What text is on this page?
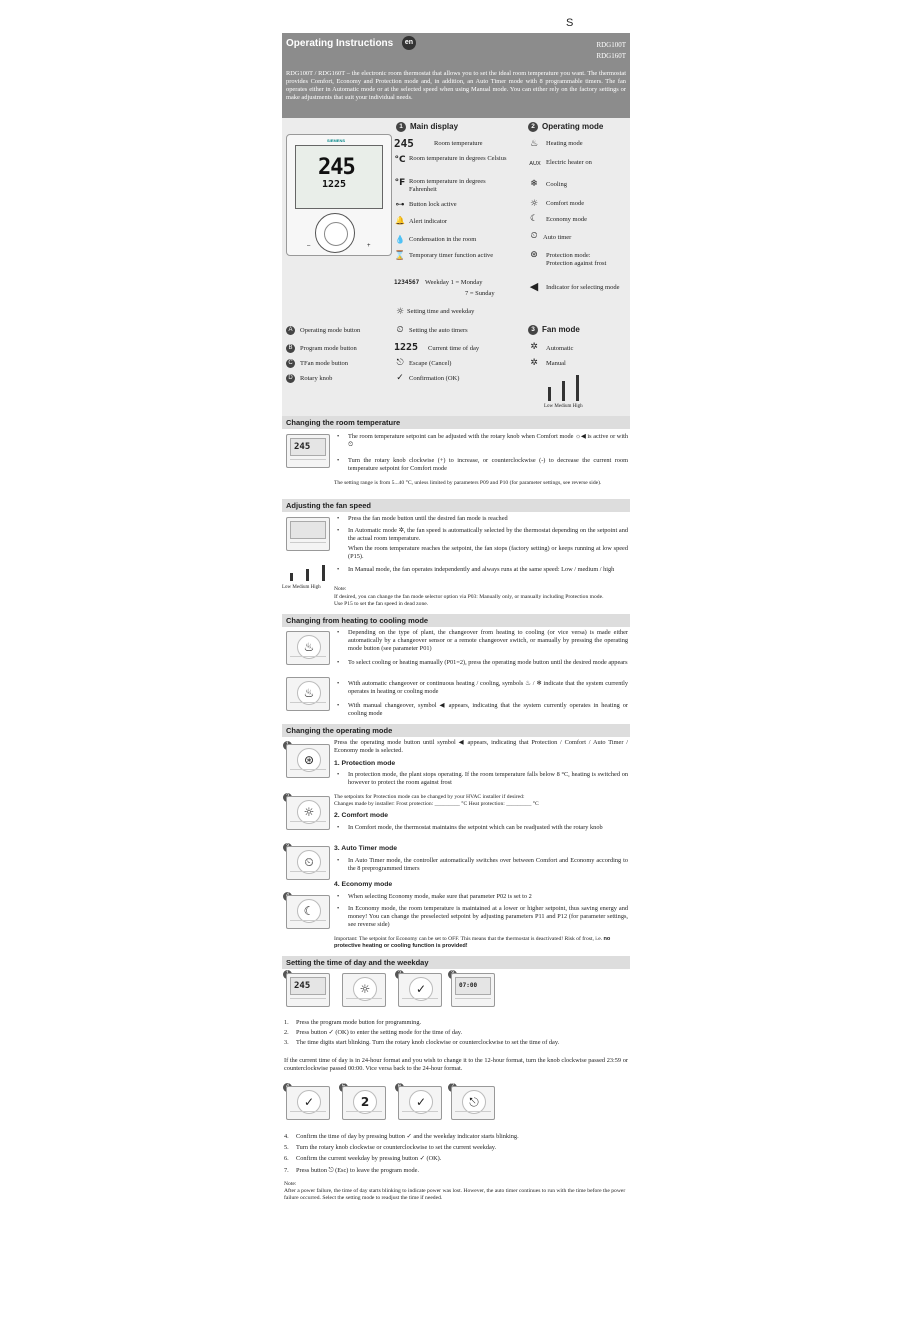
S
Operating Instructions	en	RDG100T
RDG160T
RDG100T / RDG160T – the electronic room thermostat that allows you to set the ideal room temperature you want. The thermostat provides Comfort, Economy and Protection mode and, in addition, an Auto Timer mode with 8 programmable timers. The fan operates either in Automatic mode or at the selected speed when using Manual mode. You can either rely on the factory settings or make adjustments that suit your individual needs.
SIEMENS
245
1225
–	+
1 Main display
245	Room temperature
°C Room temperature in degrees Celsius
°F Room temperature in degrees Fahrenheit
⊶ Button lock active
🔔 Alert indicator
💧 Condensation in the room
⌛ Temporary timer function active
1234567 Weekday 1 = Monday
7 = Sunday
☼ Setting time and weekday
⏲ Setting the auto timers
1225	Current time of day
⎋ Escape (Cancel)
✓ Confirmation (OK)
2 Operating mode
♨	Heating mode
AUX Electric heater on
❄	Cooling
☼	Comfort mode
☾	Economy mode
⏲ Auto timer
⊛	Protection mode: Protection against frost
◀ Indicator for selecting mode
3 Fan mode
✲	Automatic
✲	Manual
Low Medium High
A Operating mode button
B Program mode button
C TFan mode button
D Rotary knob
Changing the room temperature
245
• The room temperature setpoint can be adjusted with the rotary knob when Comfort mode ☼◀ is active or with ⏲
• Turn the rotary knob clockwise (+) to increase, or counterclockwise (-) to decrease the current room temperature setpoint for Comfort mode
The setting range is from 5...40 °C, unless limited by parameters P09 and P10 (for parameter settings, see reverse side).
Adjusting the fan speed
Low Medium High
• Press the fan mode button until the desired fan mode is reached
• In Automatic mode ✲, the fan speed is automatically selected by the thermostat depending on the setpoint and the actual room temperature.
When the room temperature reaches the setpoint, the fan stops (factory setting) or keeps running at low speed (P15).
• In Manual mode, the fan operates independently and always runs at the same speed: Low / medium / high
Note:
If desired, you can change the fan mode selector option via P03: Manually only, or manually including Protection mode. Use P15 to set the fan speed in dead zone.
Changing from heating to cooling mode
♨
♨
• Depending on the type of plant, the changeover from heating to cooling (or vice versa) is made either automatically by a changeover sensor or a remote changeover switch, or manually by pressing the operating mode button (see parameter P01)
• To select cooling or heating manually (P01=2), press the operating mode button until the desired mode appears
• With automatic changeover or continuous heating / cooling, symbols ♨ / ❄ indicate that the system currently operates in heating or cooling mode
• With manual changeover, symbol ◀ appears, indicating that the system currently operates in heating or cooling mode
Changing the operating mode
⊛
Press the operating mode button until symbol ◀ appears, indicating that Protection / Comfort / Auto Timer / Economy mode is selected.
1. Protection mode
• In protection mode, the plant stops operating. If the room temperature falls below 8 °C, heating is switched on however to protect the room against frost
The setpoints for Protection mode can be changed by your HVAC installer if desired:
Changes made by installer: Frost protection: _________ °C Heat protection: _________ °C
☼	2. Comfort mode
• In Comfort mode, the thermostat maintains the setpoint which can be readjusted with the rotary knob
⏲
3. Auto Timer mode
• In Auto Timer mode, the controller automatically switches over between Comfort and Economy according to the 8 preprogrammed timers
☾
4. Economy mode
• When selecting Economy mode, make sure that parameter P02 is set to 2
• In Economy mode, the room temperature is maintained at a lower or higher setpoint, thus saving energy and money! You can change the preselected setpoint by adjusting parameters P11 and P12 (for parameter settings, see reverse side)
Important: The setpoint for Economy can be set to OFF. This means that the thermostat is deactivated! Risk of frost, i.e. no protective heating or cooling function is provided!
Setting the time of day and the weekday
245	☼	✓	07:00
1. Press the program mode button for programming.
2. Press button ✓ (OK) to enter the setting mode for the time of day.
3. The time digits start blinking. Turn the rotary knob clockwise or counterclockwise to set the time of day.
If the current time of day is in 24-hour format and you wish to change it to the 12-hour format, turn the knob clockwise passed 23:59 or counterclockwise passed 00:00. Vice versa back to the 24-hour format.
✓	2	✓	⎋
4. Confirm the time of day by pressing button ✓ and the weekday indicator starts blinking.
5. Turn the rotary knob clockwise or counterclockwise to set the current weekday.
6. Confirm the current weekday by pressing button ✓ (OK).
7. Press button ⎋ (Esc) to leave the program mode.
Note:
After a power failure, the time of day starts blinking to indicate power was lost. However, the auto timer continues to run with the time before the power failure occurred. Select the setting mode to readjust the time if needed.
